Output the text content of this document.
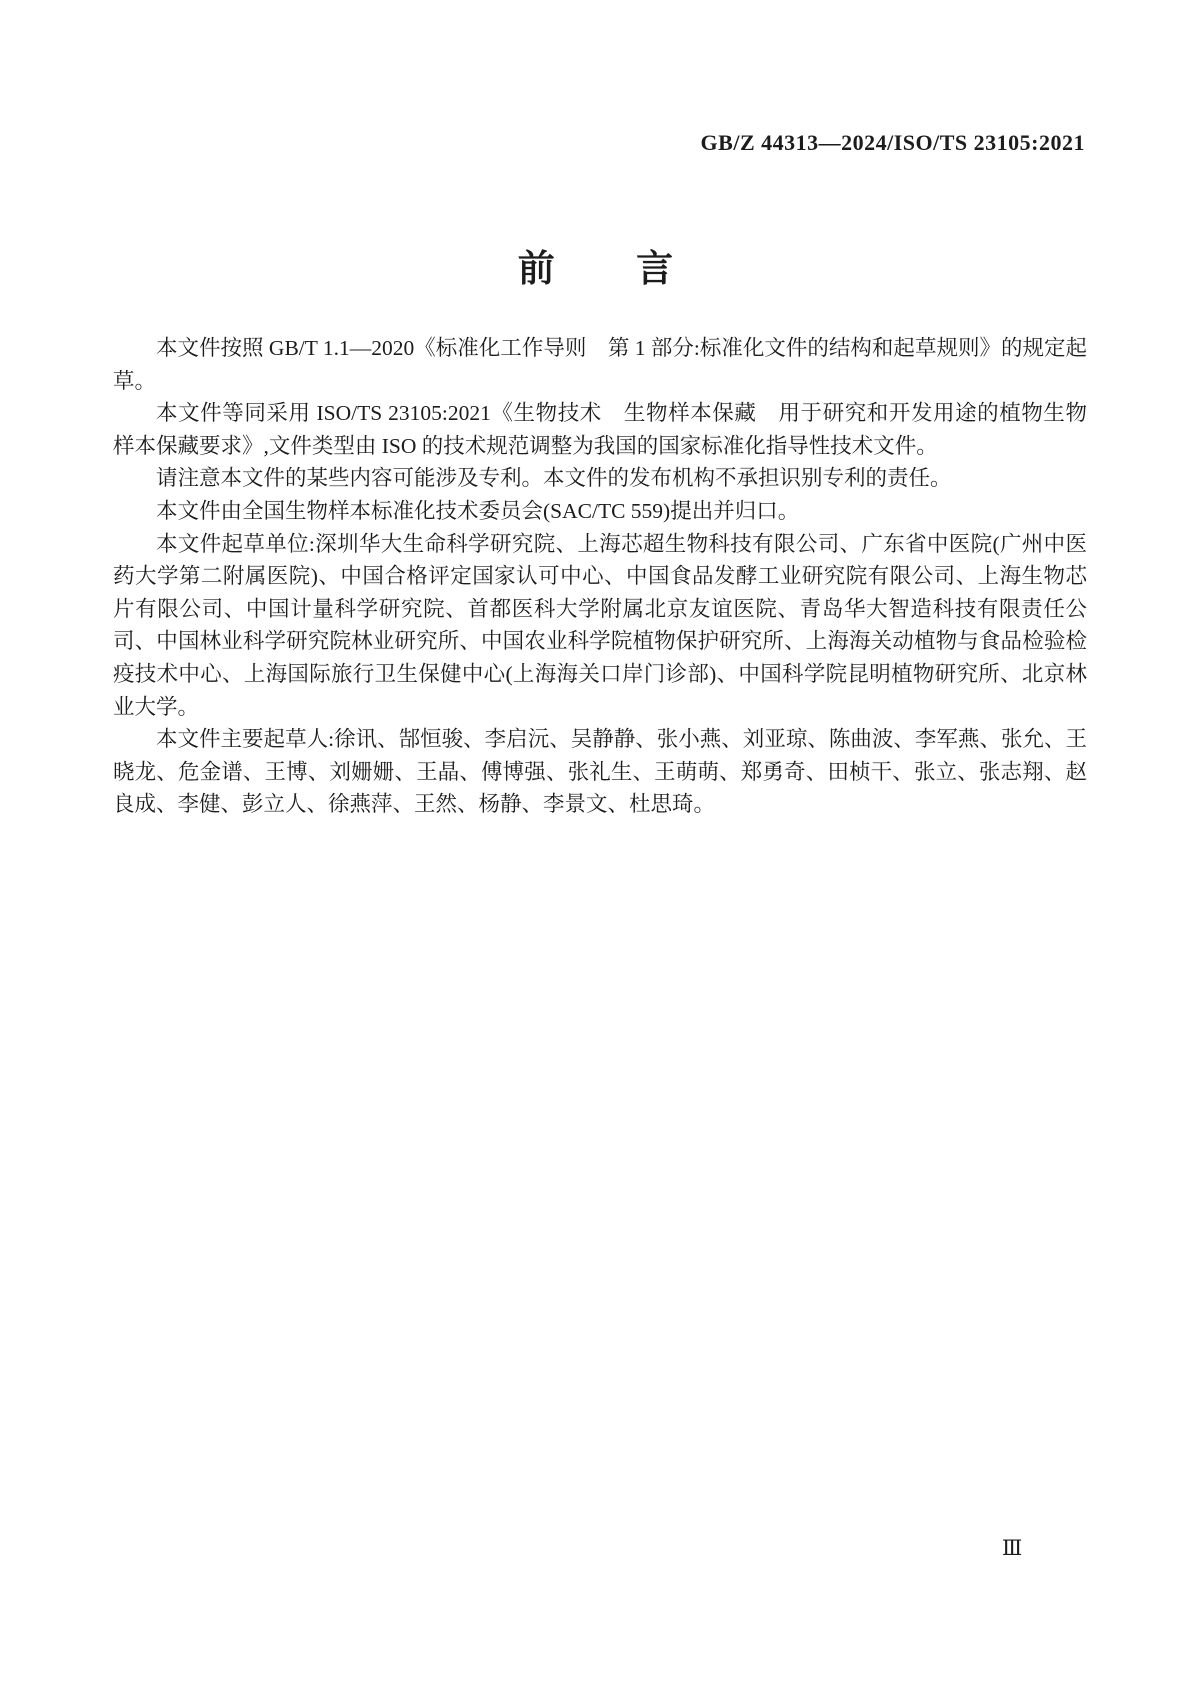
GB/Z 44313—2024/ISO/TS 23105:2021
前言

本文件按照 GB/T 1.1—2020《标准化工作导则　第 1 部分:标准化文件的结构和起草规则》的规定起草。

本文件等同采用 ISO/TS 23105:2021《生物技术　生物样本保藏　用于研究和开发用途的植物生物样本保藏要求》,文件类型由 ISO 的技术规范调整为我国的国家标准化指导性技术文件。

请注意本文件的某些内容可能涉及专利。本文件的发布机构不承担识别专利的责任。

本文件由全国生物样本标准化技术委员会(SAC/TC 559)提出并归口。

本文件起草单位:深圳华大生命科学研究院、上海芯超生物科技有限公司、广东省中医院(广州中医药大学第二附属医院)、中国合格评定国家认可中心、中国食品发酵工业研究院有限公司、上海生物芯片有限公司、中国计量科学研究院、首都医科大学附属北京友谊医院、青岛华大智造科技有限责任公司、中国林业科学研究院林业研究所、中国农业科学院植物保护研究所、上海海关动植物与食品检验检疫技术中心、上海国际旅行卫生保健中心(上海海关口岸门诊部)、中国科学院昆明植物研究所、北京林业大学。

本文件主要起草人:徐讯、郜恒骏、李启沅、吴静静、张小燕、刘亚琼、陈曲波、李军燕、张允、王晓龙、危金谱、王博、刘姗姗、王晶、傅博强、张礼生、王萌萌、郑勇奇、田桢干、张立、张志翔、赵良成、李健、彭立人、徐燕萍、王然、杨静、李景文、杜思琦。

Ⅲ
